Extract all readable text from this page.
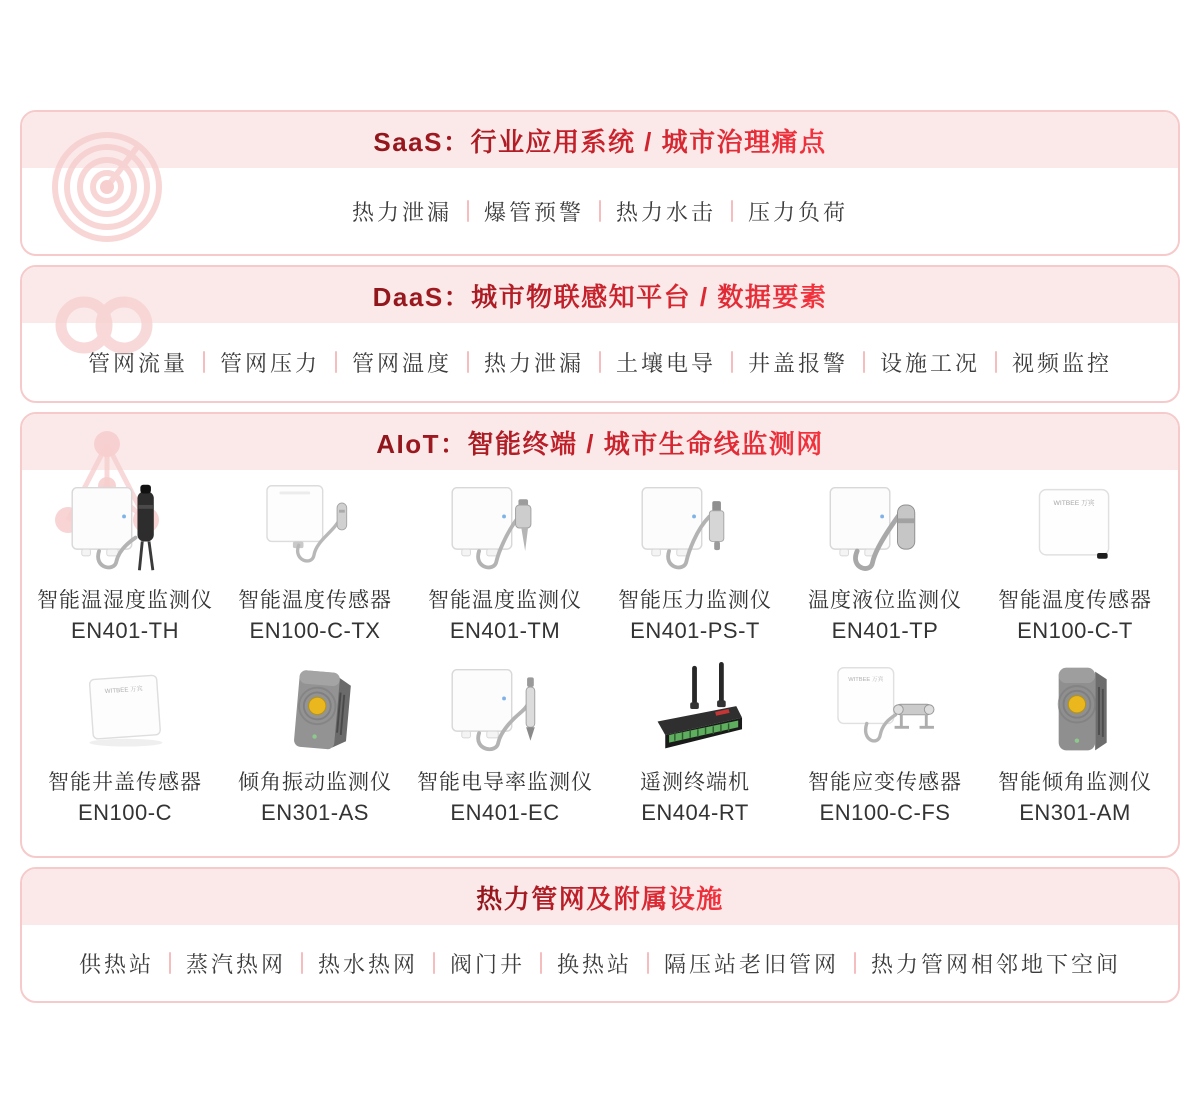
SaaS：行业应用系统 / 城市治理痛点
热力泄漏	爆管预警	热力水击	压力负荷
DaaS：城市物联感知平台 / 数据要素
管网流量	管网压力	管网温度	热力泄漏	土壤电导	井盖报警	设施工况	视频监控
AIoT：智能终端 / 城市生命线监测网
智能温湿度监测仪
EN401-TH
智能温度传感器
EN100-C-TX
智能温度监测仪
EN401-TM
智能压力监测仪
EN401-PS-T
温度液位监测仪
EN401-TP
WITBEE 万宾
智能温度传感器
EN100-C-T
WITBEE 万宾
智能井盖传感器
EN100-C
倾角振动监测仪
EN301-AS
智能电导率监测仪
EN401-EC
遥测终端机
EN404-RT
WITBEE 万宾
智能应变传感器
EN100-C-FS
智能倾角监测仪
EN301-AM
热力管网及附属设施
供热站	蒸汽热网	热水热网	阀门井	换热站	隔压站老旧管网	热力管网相邻地下空间
